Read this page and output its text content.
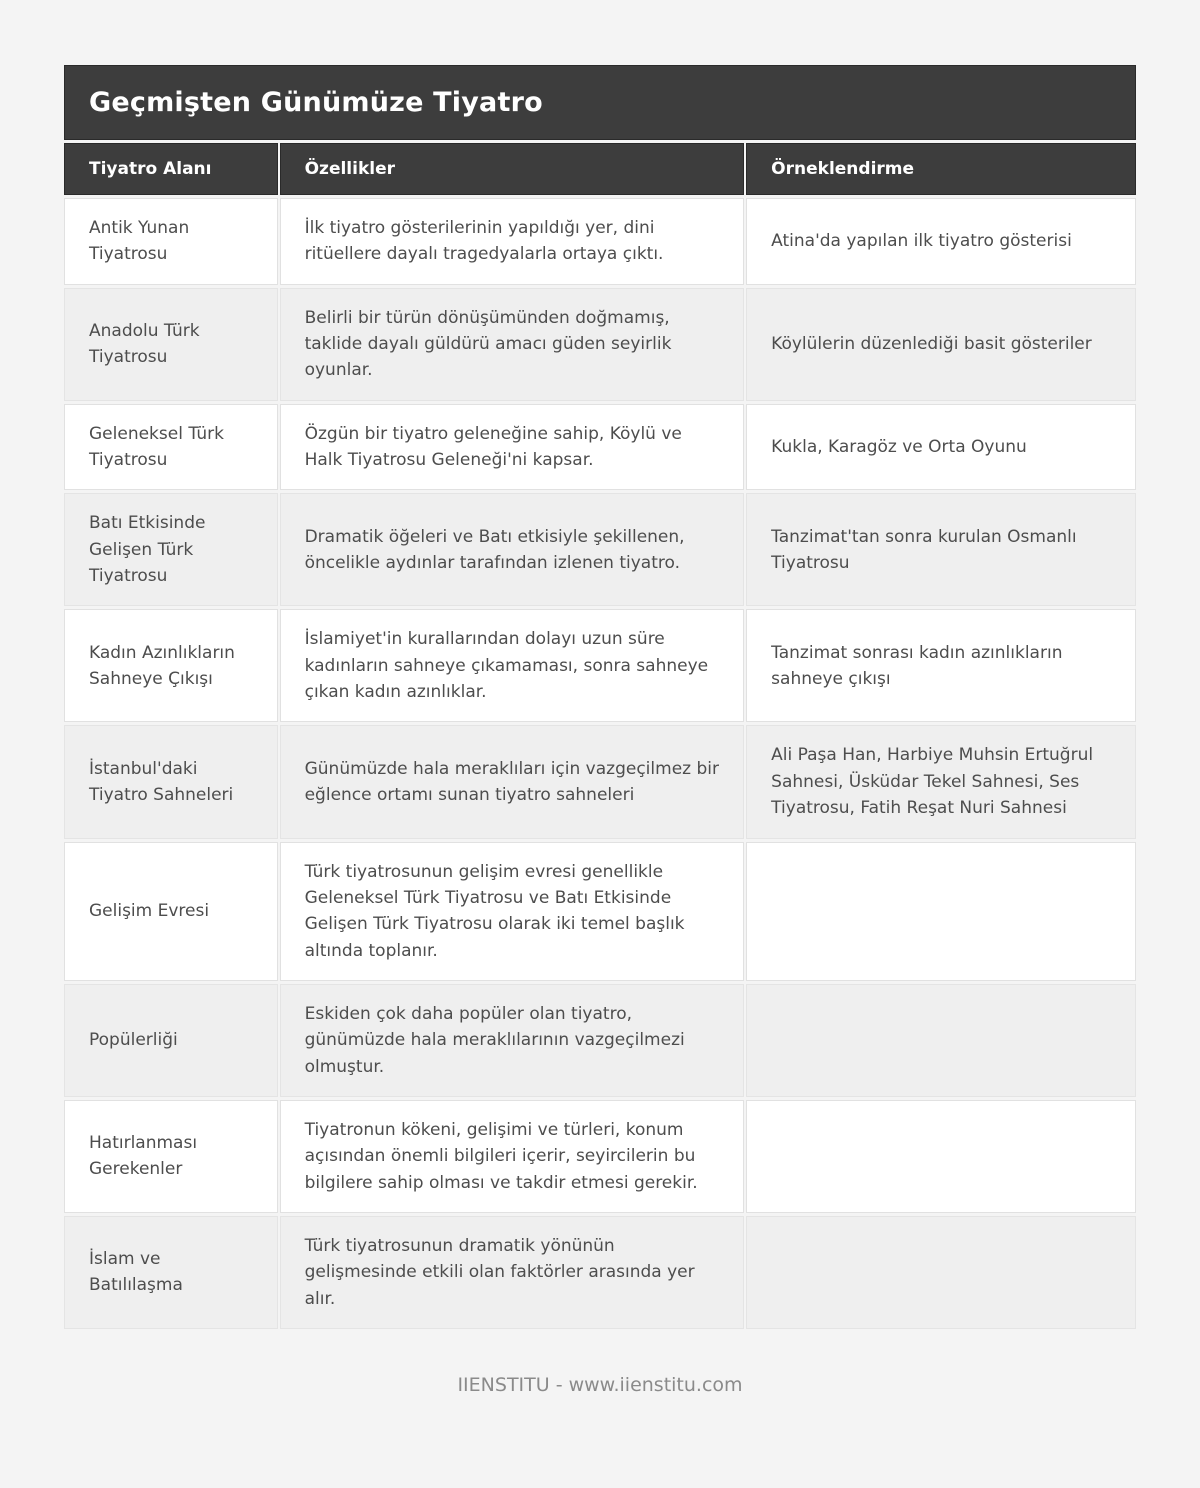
Geçmişten Günümüze Tiyatro		
Tiyatro Alanı	Özellikler	Örneklendirme
Antik Yunan Tiyatrosu	İlk tiyatro gösterilerinin yapıldığı yer, dini ritüellere dayalı tragedyalarla ortaya çıktı.	Atina'da yapılan ilk tiyatro gösterisi
Anadolu Türk Tiyatrosu	Belirli bir türün dönüşümünden doğmamış, taklide dayalı güldürü amacı güden seyirlik oyunlar.	Köylülerin düzenlediği basit gösteriler
Geleneksel Türk Tiyatrosu	Özgün bir tiyatro geleneğine sahip, Köylü ve Halk Tiyatrosu Geleneği'ni kapsar.	Kukla, Karagöz ve Orta Oyunu
Batı Etkisinde Gelişen Türk Tiyatrosu	Dramatik öğeleri ve Batı etkisiyle şekillenen, öncelikle aydınlar tarafından izlenen tiyatro.	Tanzimat'tan sonra kurulan Osmanlı Tiyatrosu
Kadın Azınlıkların Sahneye Çıkışı	İslamiyet'in kurallarından dolayı uzun süre kadınların sahneye çıkamaması, sonra sahneye çıkan kadın azınlıklar.	Tanzimat sonrası kadın azınlıkların sahneye çıkışı
İstanbul'daki Tiyatro Sahneleri	Günümüzde hala meraklıları için vazgeçilmez bir eğlence ortamı sunan tiyatro sahneleri	Ali Paşa Han, Harbiye Muhsin Ertuğrul Sahnesi, Üsküdar Tekel Sahnesi, Ses Tiyatrosu, Fatih Reşat Nuri Sahnesi
Gelişim Evresi	Türk tiyatrosunun gelişim evresi genellikle Geleneksel Türk Tiyatrosu ve Batı Etkisinde Gelişen Türk Tiyatrosu olarak iki temel başlık altında toplanır.	
Popülerliği	Eskiden çok daha popüler olan tiyatro, günümüzde hala meraklılarının vazgeçilmezi olmuştur.	
Hatırlanması Gerekenler	Tiyatronun kökeni, gelişimi ve türleri, konum açısından önemli bilgileri içerir, seyircilerin bu bilgilere sahip olması ve takdir etmesi gerekir.	
İslam ve Batılılaşma	Türk tiyatrosunun dramatik yönünün gelişmesinde etkili olan faktörler arasında yer alır.	
IIENSTITU - www.iienstitu.com
